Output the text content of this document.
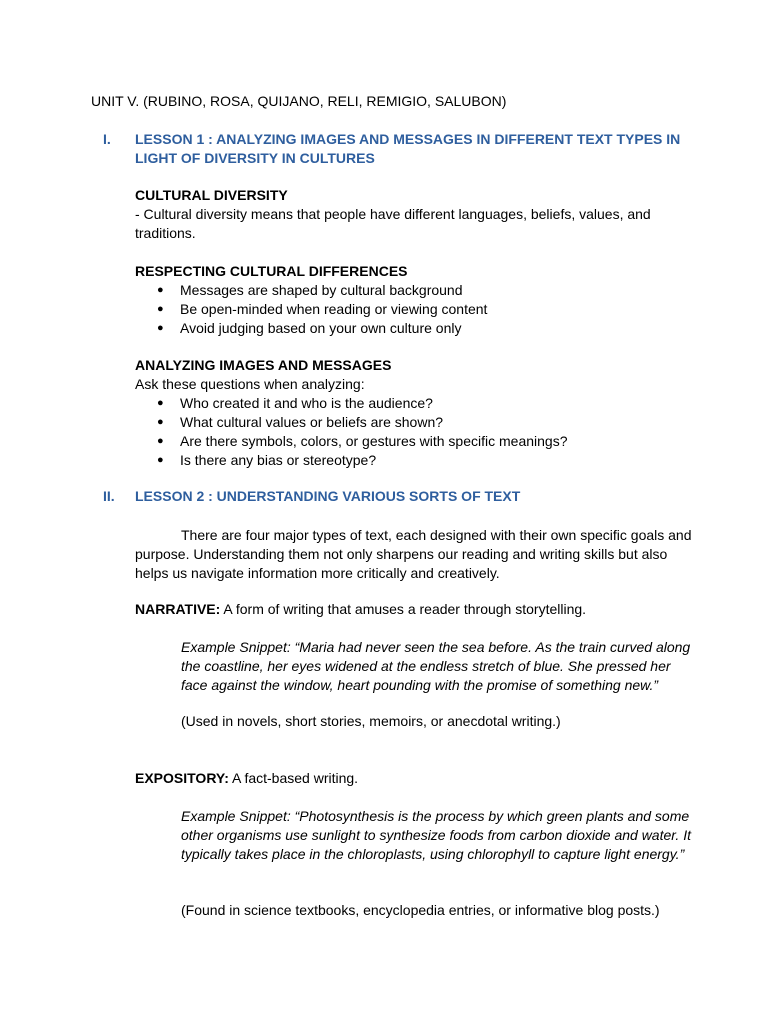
UNIT V. (RUBINO, ROSA, QUIJANO, RELI, REMIGIO, SALUBON)
I. LESSON 1 : ANALYZING IMAGES AND MESSAGES IN DIFFERENT TEXT TYPES IN LIGHT OF DIVERSITY IN CULTURES
CULTURAL DIVERSITY

- Cultural diversity means that people have different languages, beliefs, values, and traditions.

RESPECTING CULTURAL DIFFERENCES
● Messages are shaped by cultural background
● Be open-minded when reading or viewing content
● Avoid judging based on your own culture only
ANALYZING IMAGES AND MESSAGES

Ask these questions when analyzing:

● Who created it and who is the audience?
● What cultural values or beliefs are shown?
● Are there symbols, colors, or gestures with specific meanings?
● Is there any bias or stereotype?
II. LESSON 2 : UNDERSTANDING VARIOUS SORTS OF TEXT
There are four major types of text, each designed with their own specific goals and purpose. Understanding them not only sharpens our reading and writing skills but also helps us navigate information more critically and creatively.
NARRATIVE: A form of writing that amuses a reader through storytelling.
Example Snippet: “Maria had never seen the sea before. As the train curved along the coastline, her eyes widened at the endless stretch of blue. She pressed her face against the window, heart pounding with the promise of something new.”
(Used in novels, short stories, memoirs, or anecdotal writing.)
EXPOSITORY: A fact-based writing.
Example Snippet: “Photosynthesis is the process by which green plants and some other organisms use sunlight to synthesize foods from carbon dioxide and water. It typically takes place in the chloroplasts, using chlorophyll to capture light energy.”
(Found in science textbooks, encyclopedia entries, or informative blog posts.)
